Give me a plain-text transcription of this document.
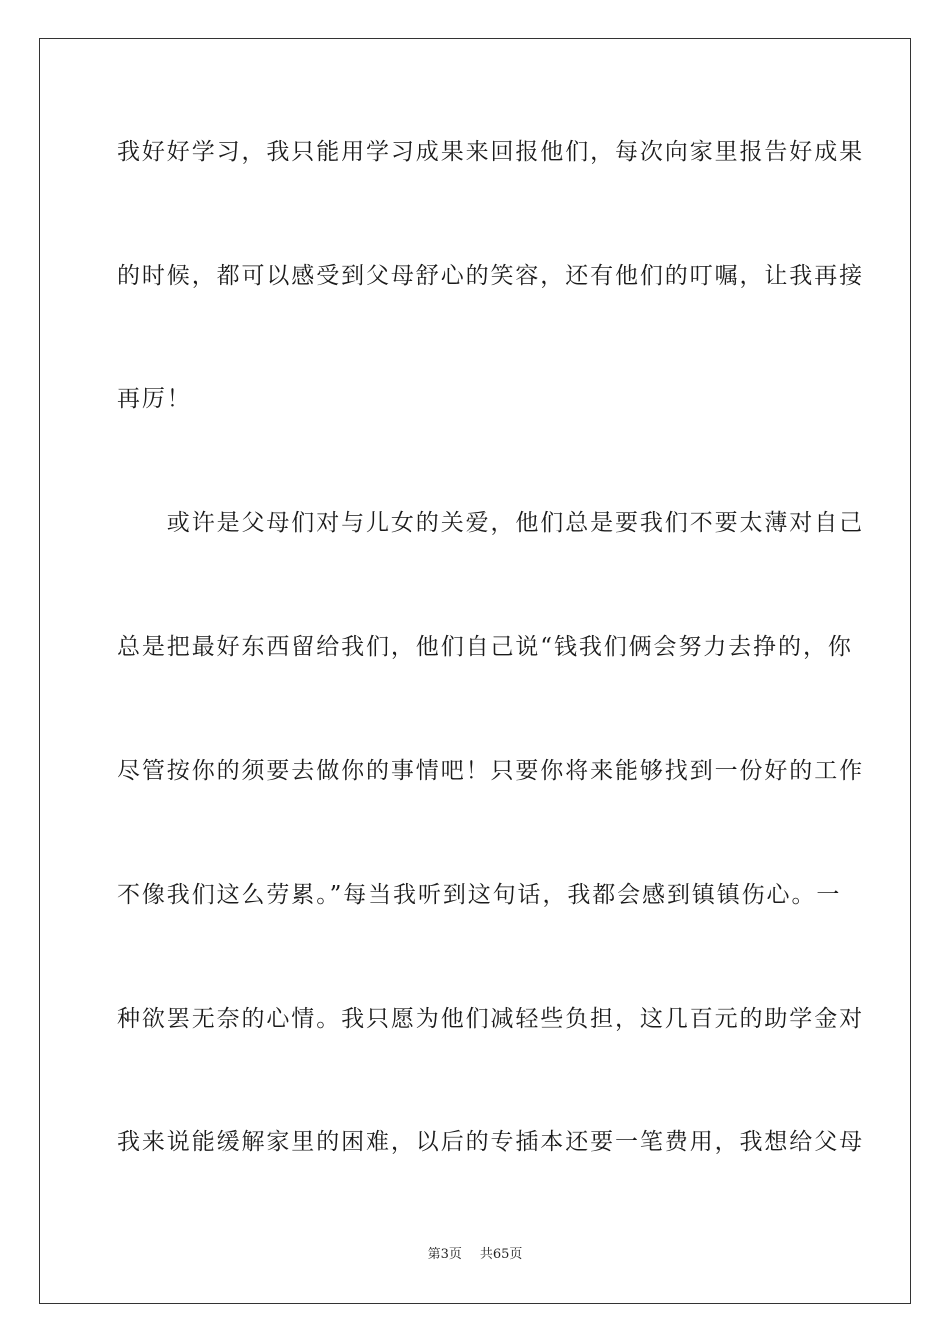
我好好学习，我只能用学习成果来回报他们，每次向家里报告好成果
的时候，都可以感受到父母舒心的笑容，还有他们的叮嘱，让我再接
再厉！
　　或许是父母们对与儿女的关爱，他们总是要我们不要太薄对自己
总是把最好东西留给我们，他们自己说“钱我们俩会努力去挣的，你
尽管按你的须要去做你的事情吧！只要你将来能够找到一份好的工作
不像我们这么劳累。”每当我听到这句话，我都会感到镇镇伤心。一
种欲罢无奈的心情。我只愿为他们减轻些负担，这几百元的助学金对
我来说能缓解家里的困难，以后的专插本还要一笔费用，我想给父母
第3页 共65页
